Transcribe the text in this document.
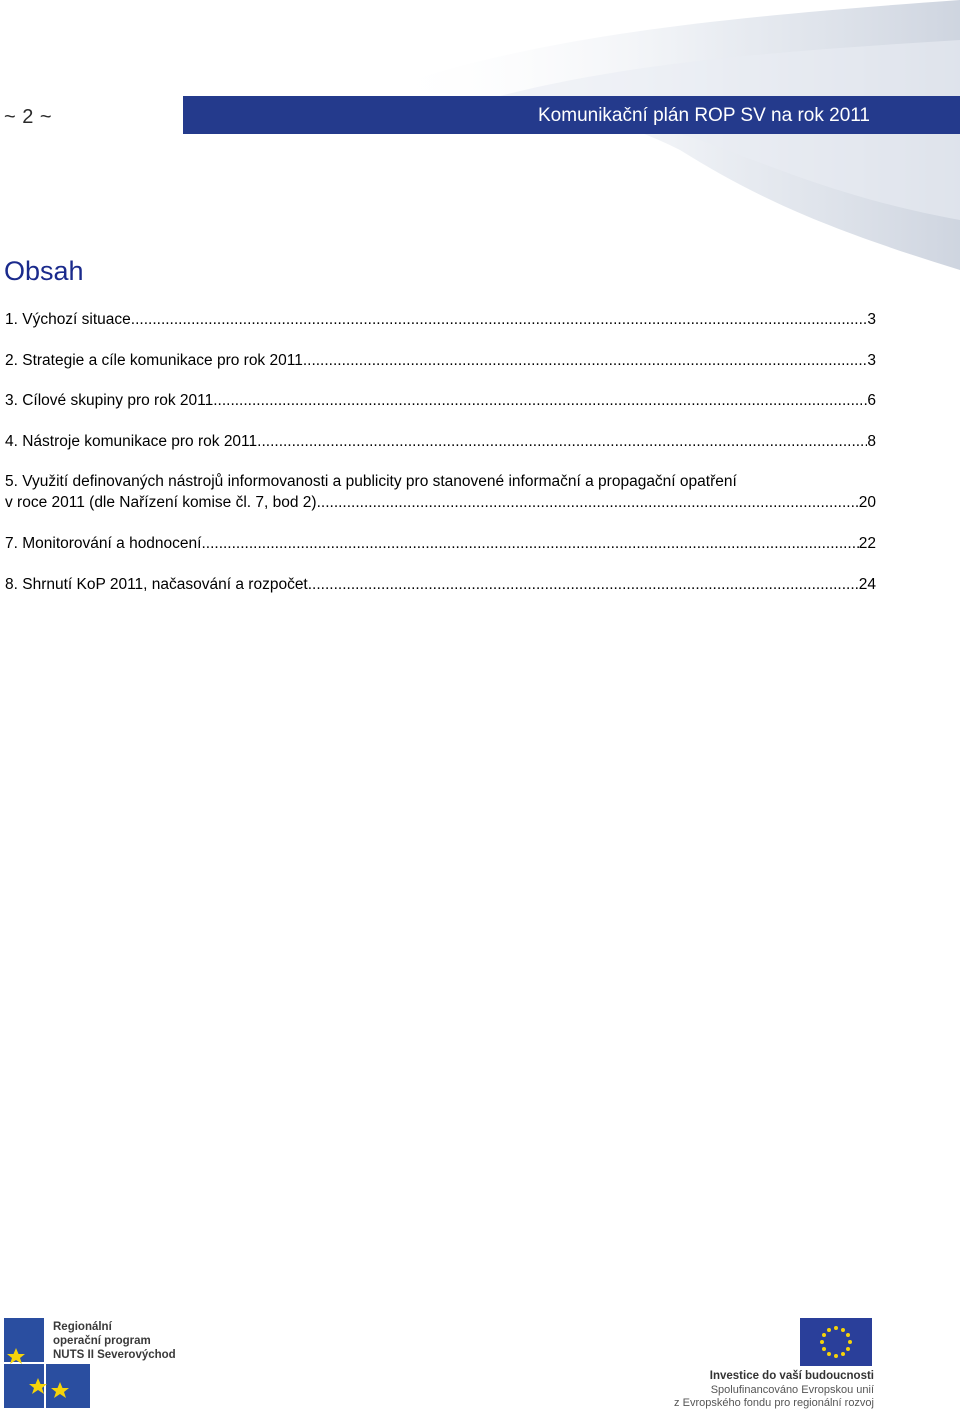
~ 2 ~	Komunikační plán ROP SV na rok 2011
Obsah
1. Výchozí situace .....	3
2. Strategie a cíle komunikace pro rok 2011 .....	3
3. Cílové skupiny pro rok 2011 .....	6
4. Nástroje komunikace pro rok 2011 .....	8
5. Využití definovaných nástrojů informovanosti a publicity pro stanovené informační a propagační opatření
v roce 2011 (dle Nařízení komise čl. 7, bod 2) .....	20
7. Monitorování a hodnocení .....	22
8. Shrnutí KoP 2011, načasování a rozpočet .....	24
Regionální
operační program
NUTS II Severovýchod
Investice do vaší budoucnosti
Spolufinancováno Evropskou unií
z Evropského fondu pro regionální rozvoj
